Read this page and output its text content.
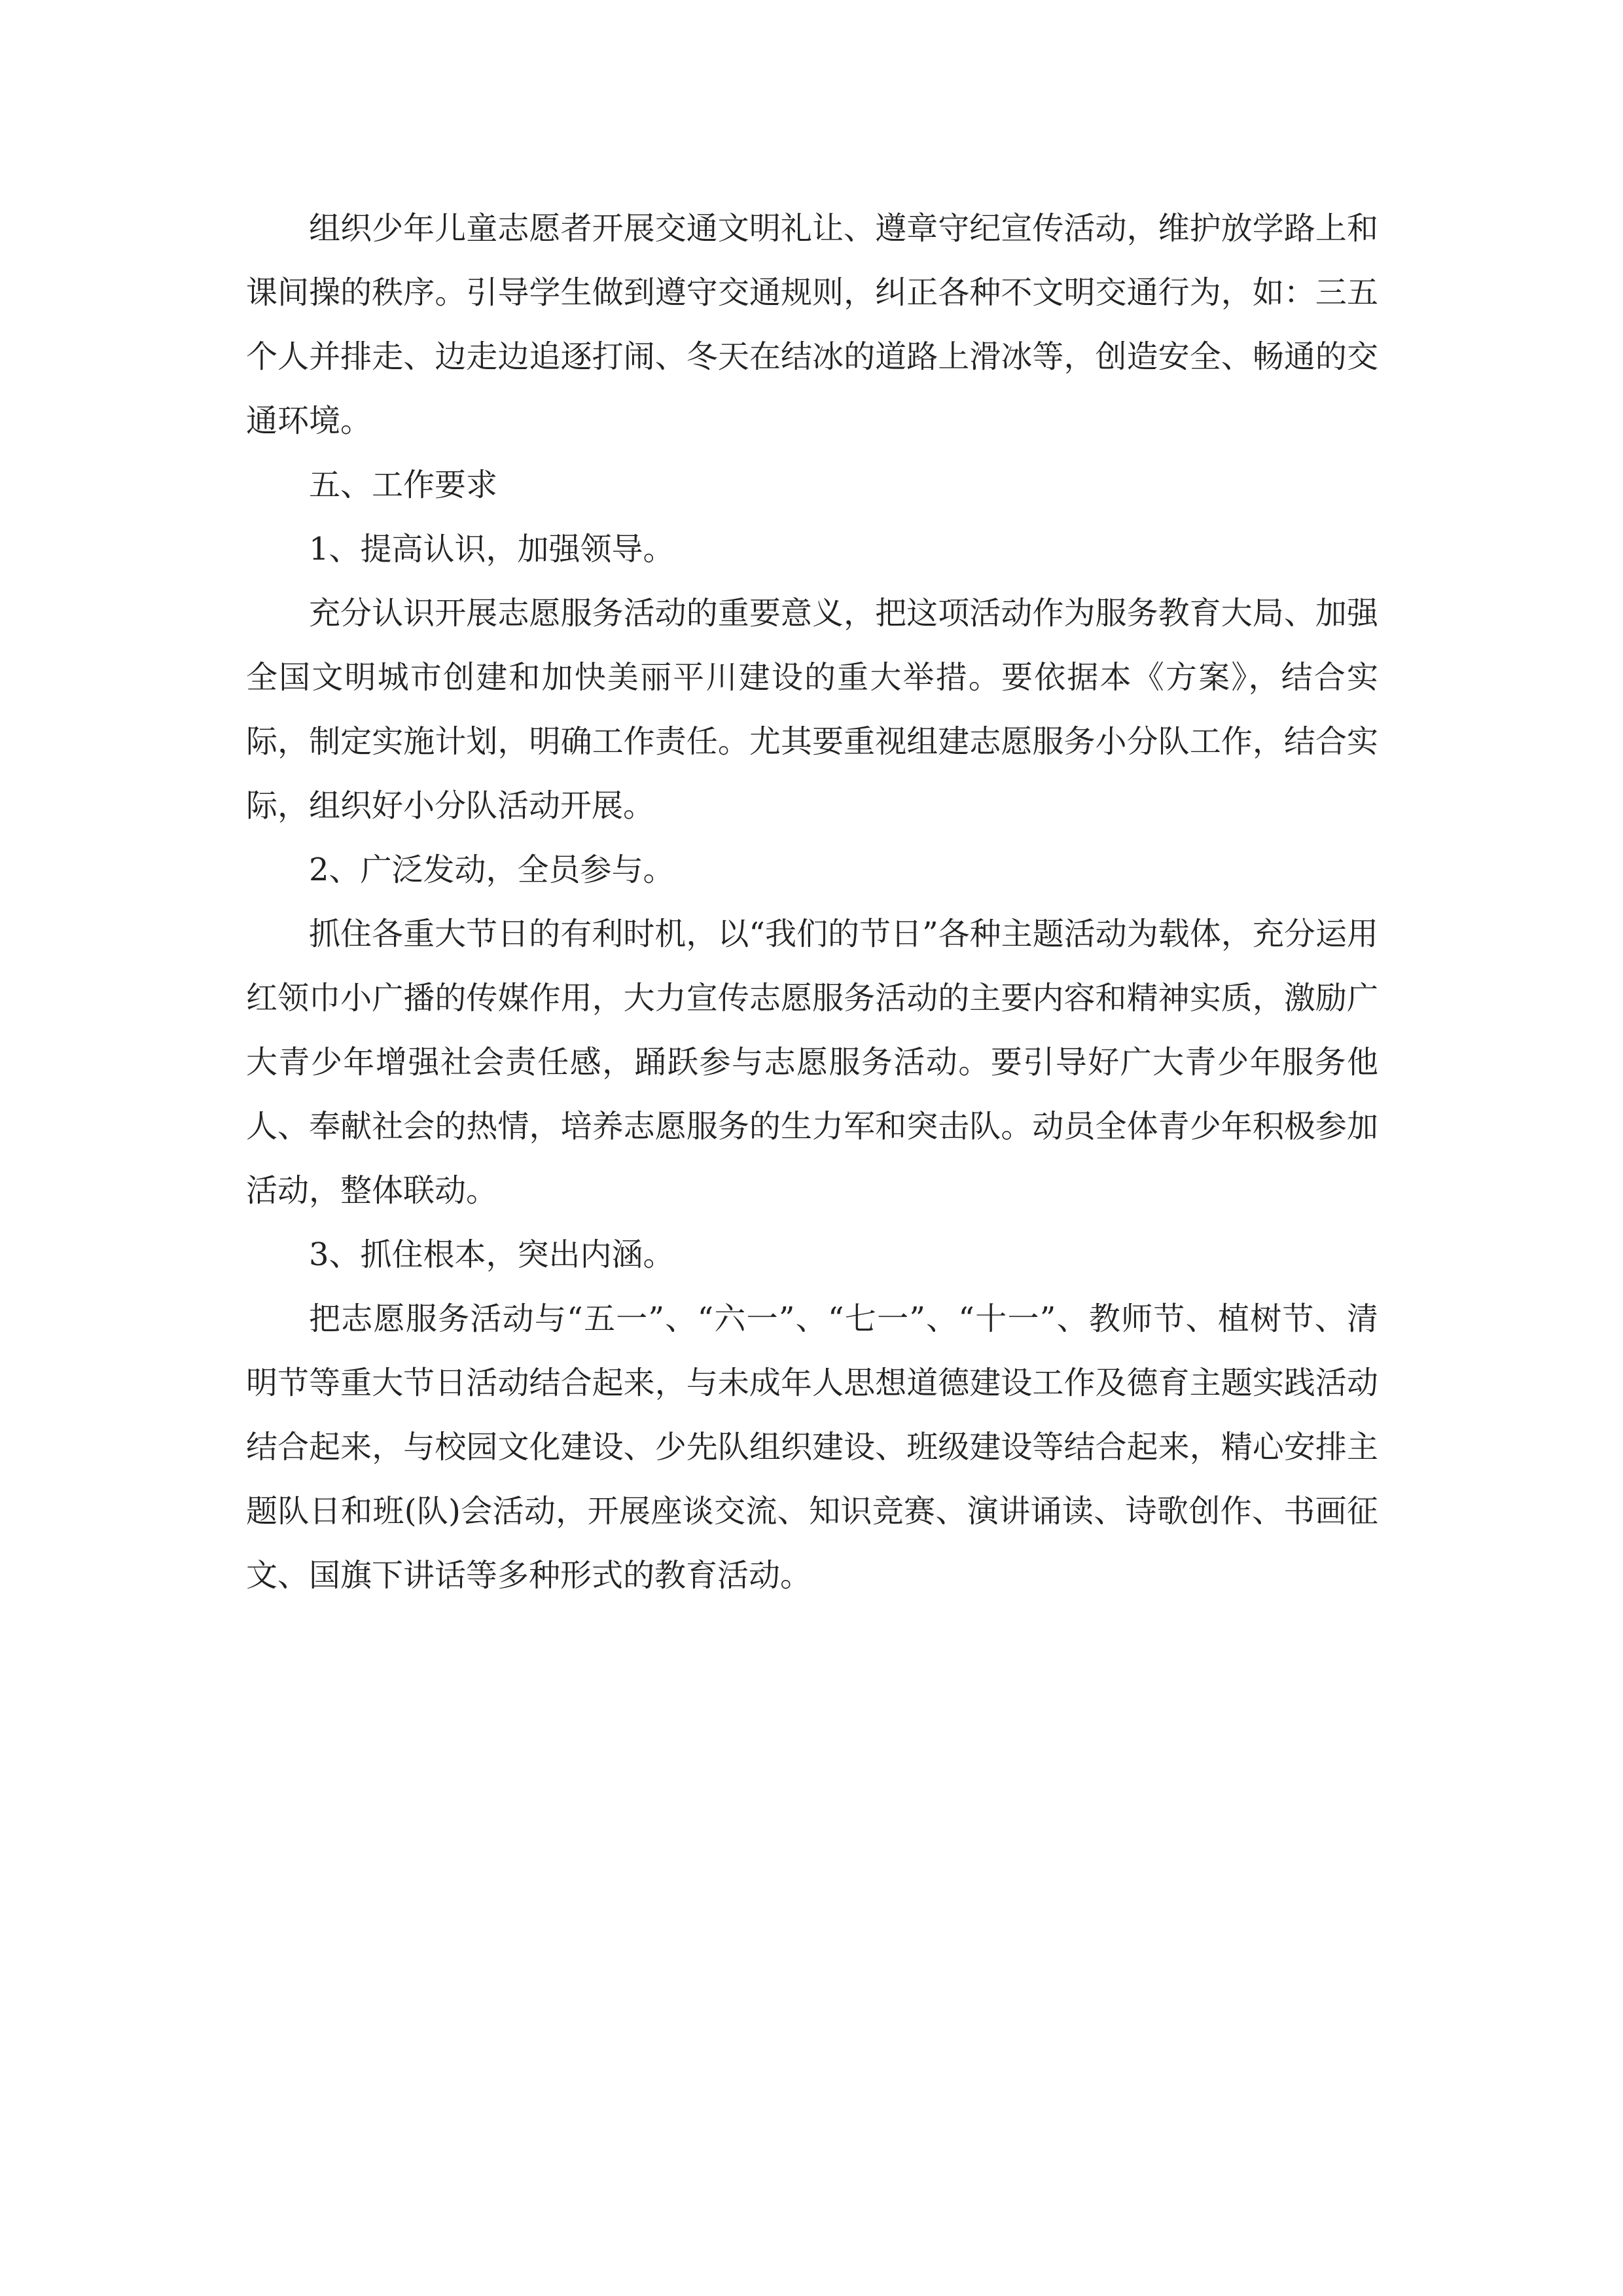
组织少年儿童志愿者开展交通文明礼让、遵章守纪宣传活动，维护放学路上和课间操的秩序。引导学生做到遵守交通规则，纠正各种不文明交通行为，如：三五个人并排走、边走边追逐打闹、冬天在结冰的道路上滑冰等，创造安全、畅通的交通环境。

五、工作要求

1、提高认识，加强领导。

充分认识开展志愿服务活动的重要意义，把这项活动作为服务教育大局、加强全国文明城市创建和加快美丽平川建设的重大举措。要依据本《方案》，结合实际，制定实施计划，明确工作责任。尤其要重视组建志愿服务小分队工作，结合实际，组织好小分队活动开展。

2、广泛发动，全员参与。

抓住各重大节日的有利时机，以“我们的节日”各种主题活动为载体，充分运用红领巾小广播的传媒作用，大力宣传志愿服务活动的主要内容和精神实质，激励广大青少年增强社会责任感，踊跃参与志愿服务活动。要引导好广大青少年服务他人、奉献社会的热情，培养志愿服务的生力军和突击队。动员全体青少年积极参加活动，整体联动。

3、抓住根本，突出内涵。

把志愿服务活动与“五一”、“六一”、“七一”、“十一”、教师节、植树节、清明节等重大节日活动结合起来，与未成年人思想道德建设工作及德育主题实践活动结合起来，与校园文化建设、少先队组织建设、班级建设等结合起来，精心安排主题队日和班(队)会活动，开展座谈交流、知识竞赛、演讲诵读、诗歌创作、书画征文、国旗下讲话等多种形式的教育活动。
